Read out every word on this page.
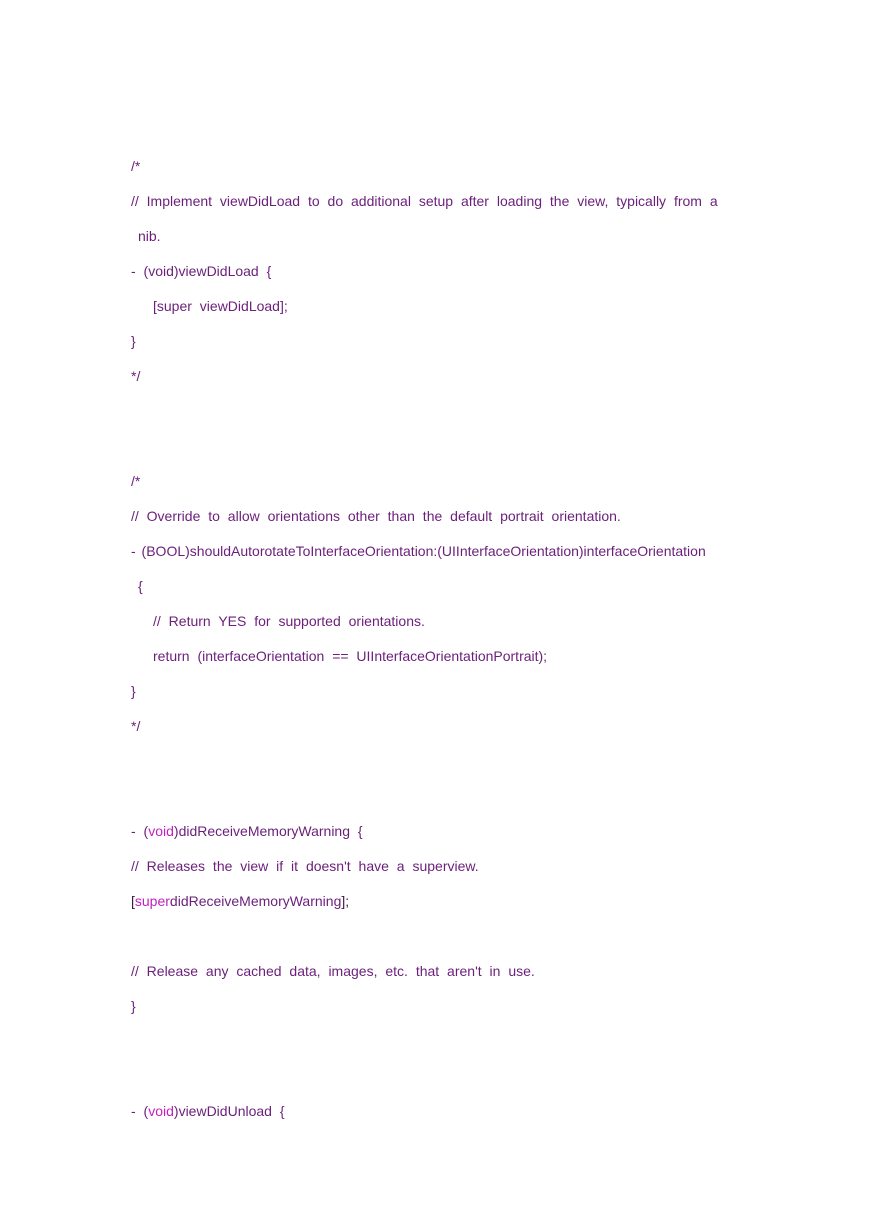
/*
// Implement viewDidLoad to do additional setup after loading the view, typically from a
nib.
- (void)viewDidLoad {
[super viewDidLoad];
}
*/
/*
// Override to allow orientations other than the default portrait orientation.
- (BOOL)shouldAutorotateToInterfaceOrientation:(UIInterfaceOrientation)interfaceOrientation
{
// Return YES for supported orientations.
return (interfaceOrientation == UIInterfaceOrientationPortrait);
}
*/
- (void)didReceiveMemoryWarning {
// Releases the view if it doesn't have a superview.
[superdidReceiveMemoryWarning];
// Release any cached data, images, etc. that aren't in use.
}
- (void)viewDidUnload {
